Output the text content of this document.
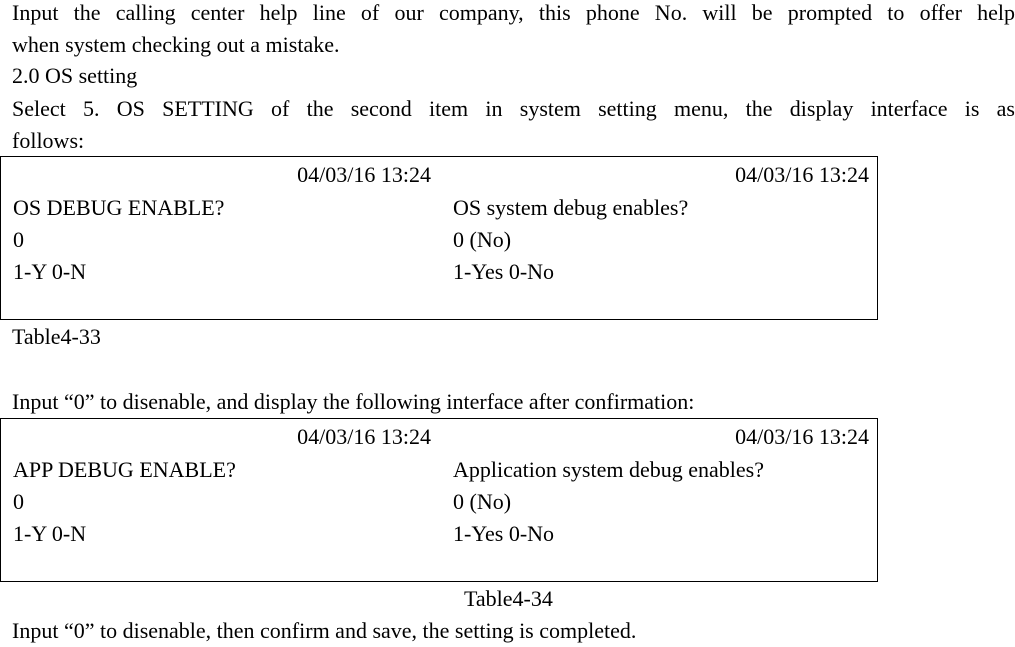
Input the calling center help line of our company, this phone No. will be prompted to offer help
when system checking out a mistake.
2.0 OS setting
Select 5. OS SETTING of the second item in system setting menu, the display interface is as
follows:
04/03/16 13:24	04/03/16 13:24
OS DEBUG ENABLE?
0
1-Y 0-N
OS system debug enables?
0 (No)
1-Yes 0-No
Table4-33
Input “0” to disenable, and display the following interface after confirmation:
04/03/16 13:24	04/03/16 13:24
APP DEBUG ENABLE?
0
1-Y 0-N
Application system debug enables?
0 (No)
1-Yes 0-No
Table4-34
Input “0” to disenable, then confirm and save, the setting is completed.
